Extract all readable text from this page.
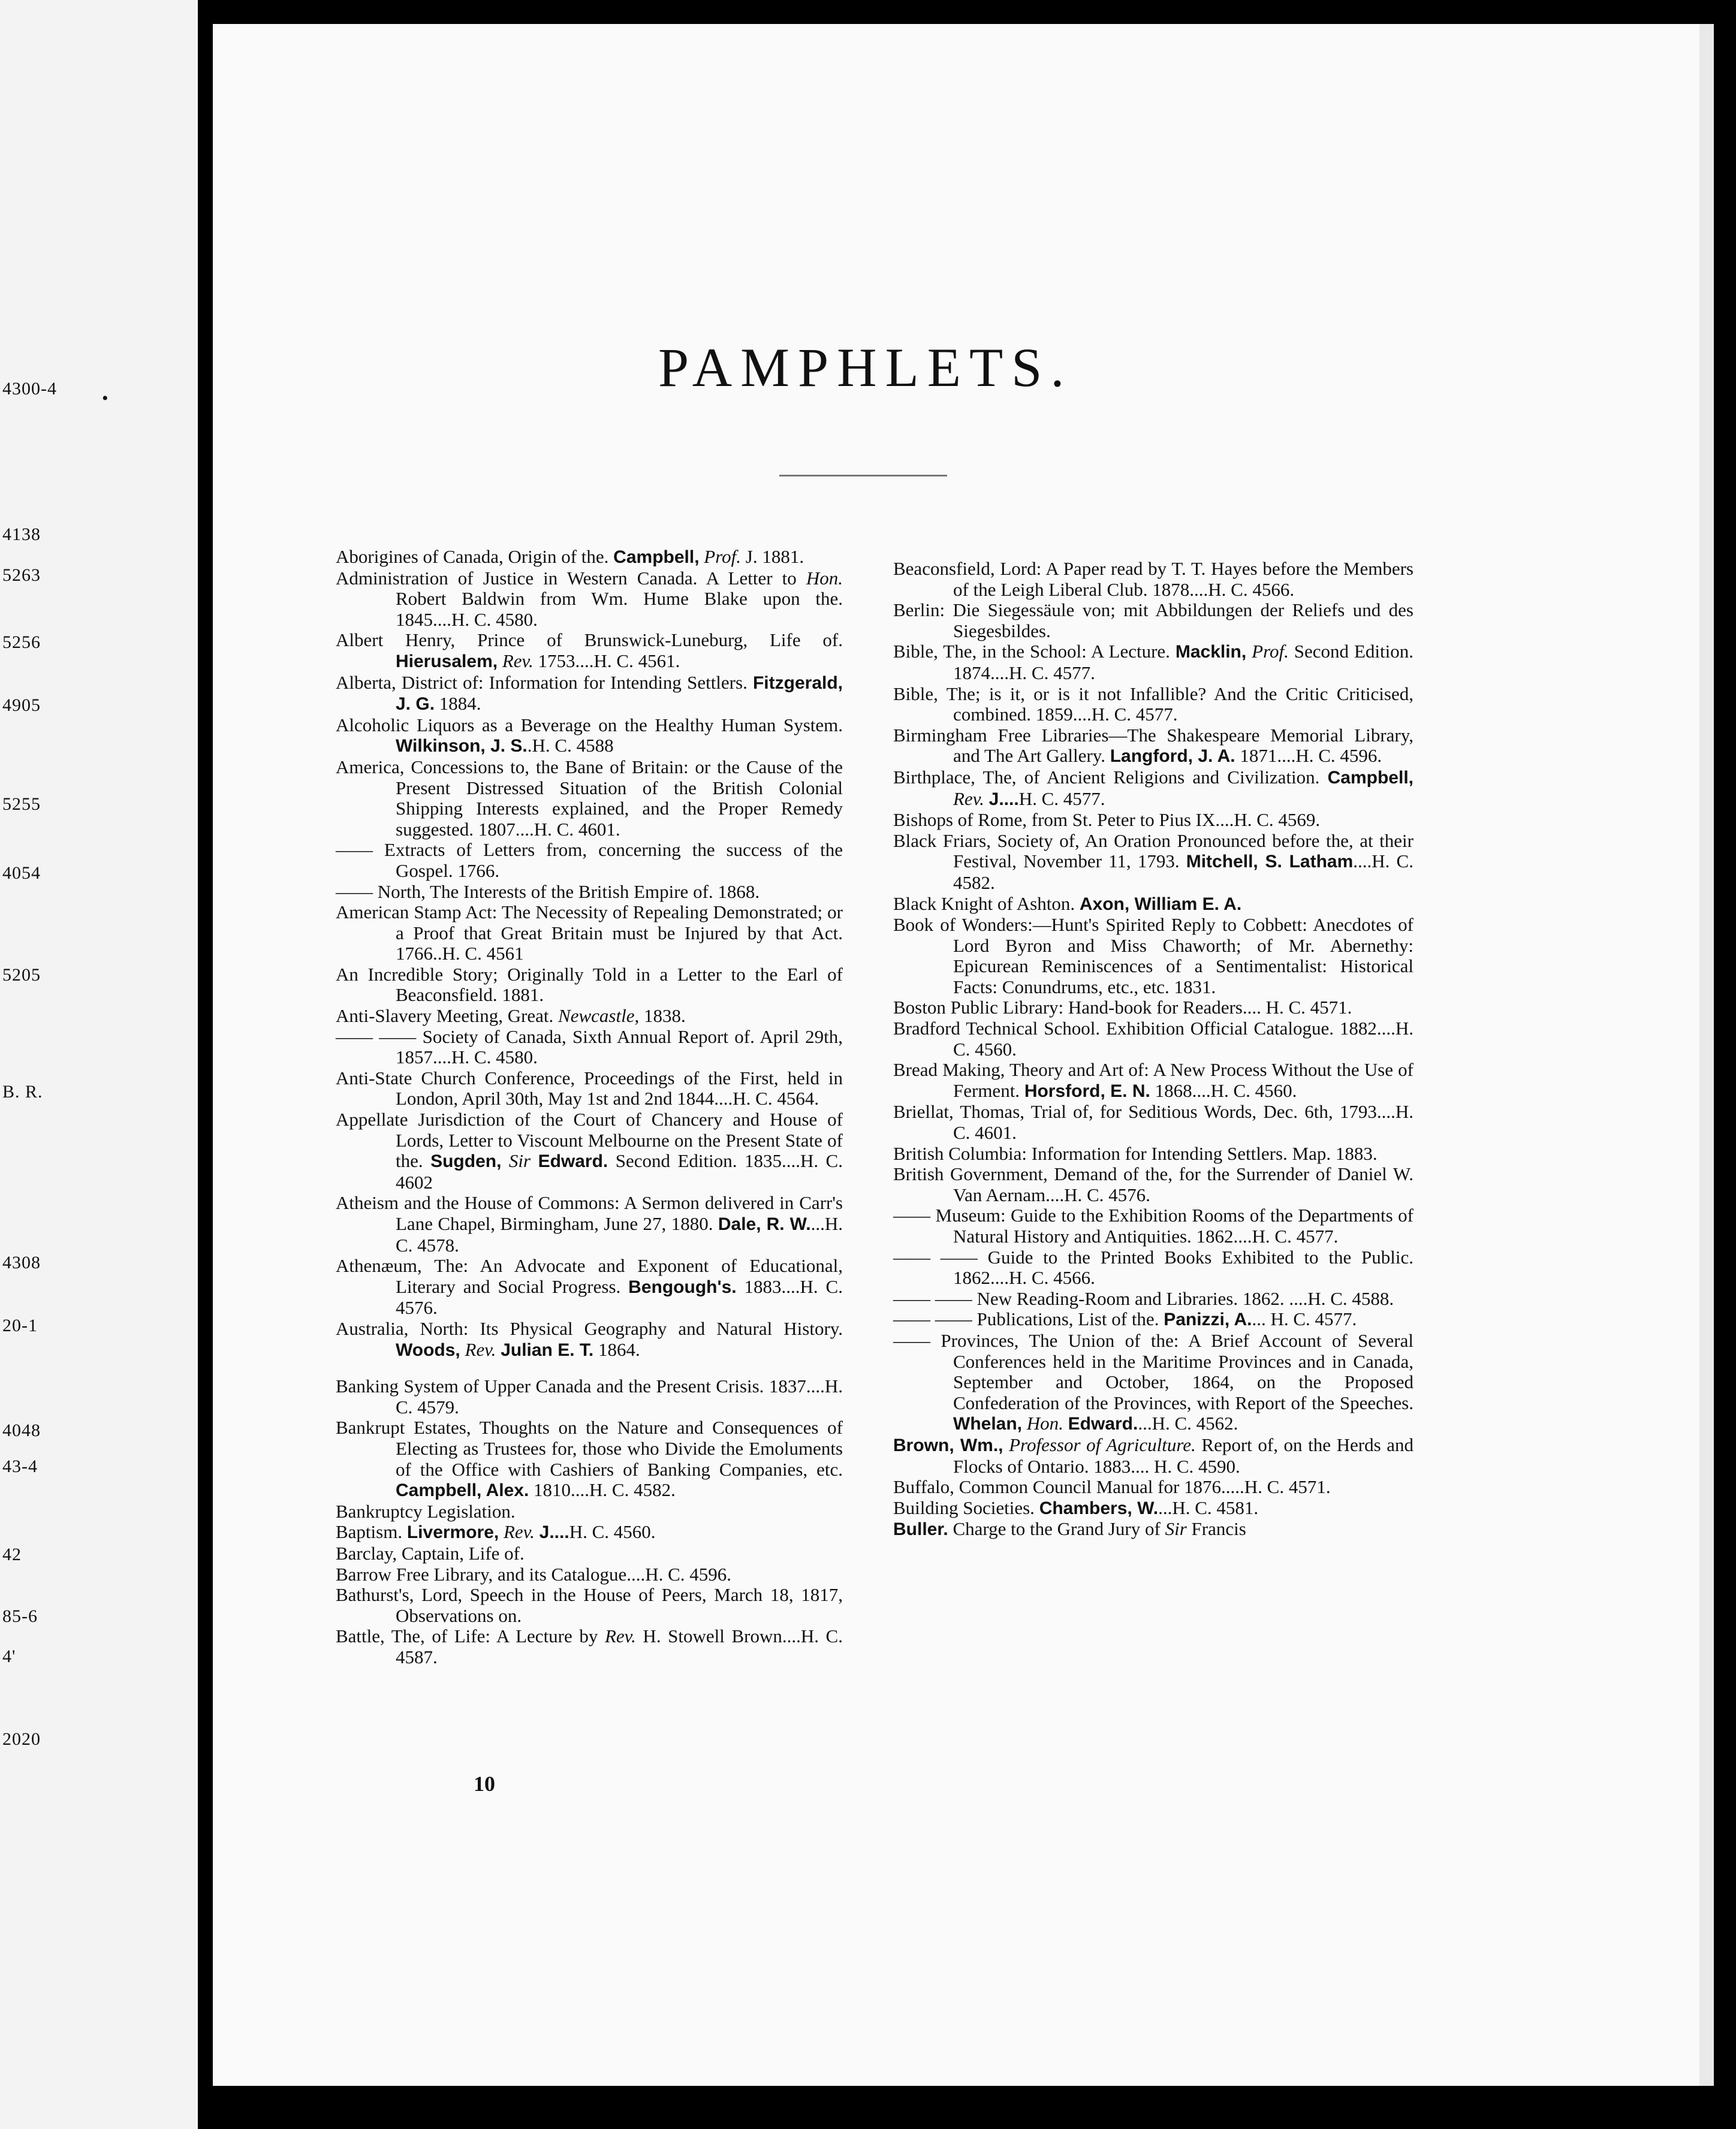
4300-4
4138
5263
5256
4905
5255
4054
5205
B. R.
4308
20-1
4048
43-4
42
85-6
4'
2020
•
PAMPHLETS.

Aborigines of Canada, Origin of the. Campbell, Prof. J. 1881.

Administration of Justice in Western Canada. A Letter to Hon. Robert Baldwin from Wm. Hume Blake upon the. 1845....H. C. 4580.

Albert Henry, Prince of Brunswick-Luneburg, Life of. Hierusalem, Rev. 1753....H. C. 4561.

Alberta, District of: Information for Intending Settlers. Fitzgerald, J. G. 1884.

Alcoholic Liquors as a Beverage on the Healthy Human System. Wilkinson, J. S..H. C. 4588

America, Concessions to, the Bane of Britain: or the Cause of the Present Distressed Situation of the British Colonial Shipping Interests explained, and the Proper Remedy suggested. 1807....H. C. 4601.

—— Extracts of Letters from, concerning the success of the Gospel. 1766.

—— North, The Interests of the British Empire of. 1868.

American Stamp Act: The Necessity of Repealing Demonstrated; or a Proof that Great Britain must be Injured by that Act. 1766..H. C. 4561

An Incredible Story; Originally Told in a Letter to the Earl of Beaconsfield. 1881.

Anti-Slavery Meeting, Great. Newcastle, 1838.

—— —— Society of Canada, Sixth Annual Report of. April 29th, 1857....H. C. 4580.

Anti-State Church Conference, Proceedings of the First, held in London, April 30th, May 1st and 2nd 1844....H. C. 4564.

Appellate Jurisdiction of the Court of Chancery and House of Lords, Letter to Viscount Melbourne on the Present State of the. Sugden, Sir Edward. Second Edition. 1835....H. C. 4602

Atheism and the House of Commons: A Sermon delivered in Carr's Lane Chapel, Birmingham, June 27, 1880. Dale, R. W....H. C. 4578.

Athenæum, The: An Advocate and Exponent of Educational, Literary and Social Progress. Bengough's. 1883....H. C. 4576.

Australia, North: Its Physical Geography and Natural History. Woods, Rev. Julian E. T. 1864.

Banking System of Upper Canada and the Present Crisis. 1837....H. C. 4579.

Bankrupt Estates, Thoughts on the Nature and Consequences of Electing as Trustees for, those who Divide the Emoluments of the Office with Cashiers of Banking Companies, etc. Campbell, Alex. 1810....H. C. 4582.

Bankruptcy Legislation.

Baptism. Livermore, Rev. J....H. C. 4560.

Barclay, Captain, Life of.

Barrow Free Library, and its Catalogue....H. C. 4596.

Bathurst's, Lord, Speech in the House of Peers, March 18, 1817, Observations on.

Battle, The, of Life: A Lecture by Rev. H. Stowell Brown....H. C. 4587.

Beaconsfield, Lord: A Paper read by T. T. Hayes before the Members of the Leigh Liberal Club. 1878....H. C. 4566.

Berlin: Die Siegessäule von; mit Abbildungen der Reliefs und des Siegesbildes.

Bible, The, in the School: A Lecture. Macklin, Prof. Second Edition. 1874....H. C. 4577.

Bible, The; is it, or is it not Infallible? And the Critic Criticised, combined. 1859....H. C. 4577.

Birmingham Free Libraries—The Shakespeare Memorial Library, and The Art Gallery. Langford, J. A. 1871....H. C. 4596.

Birthplace, The, of Ancient Religions and Civilization. Campbell, Rev. J....H. C. 4577.

Bishops of Rome, from St. Peter to Pius IX....H. C. 4569.

Black Friars, Society of, An Oration Pronounced before the, at their Festival, November 11, 1793. Mitchell, S. Latham....H. C. 4582.

Black Knight of Ashton. Axon, William E. A.

Book of Wonders:—Hunt's Spirited Reply to Cobbett: Anecdotes of Lord Byron and Miss Chaworth; of Mr. Abernethy: Epicurean Reminiscences of a Sentimentalist: Historical Facts: Conundrums, etc., etc. 1831.

Boston Public Library: Hand-book for Readers.... H. C. 4571.

Bradford Technical School. Exhibition Official Catalogue. 1882....H. C. 4560.

Bread Making, Theory and Art of: A New Process Without the Use of Ferment. Horsford, E. N. 1868....H. C. 4560.

Briellat, Thomas, Trial of, for Seditious Words, Dec. 6th, 1793....H. C. 4601.

British Columbia: Information for Intending Settlers. Map. 1883.

British Government, Demand of the, for the Surrender of Daniel W. Van Aernam....H. C. 4576.

—— Museum: Guide to the Exhibition Rooms of the Departments of Natural History and Antiquities. 1862....H. C. 4577.

—— —— Guide to the Printed Books Exhibited to the Public. 1862....H. C. 4566.

—— —— New Reading-Room and Libraries. 1862. ....H. C. 4588.

—— —— Publications, List of the. Panizzi, A.... H. C. 4577.

—— Provinces, The Union of the: A Brief Account of Several Conferences held in the Maritime Provinces and in Canada, September and October, 1864, on the Proposed Confederation of the Provinces, with Report of the Speeches. Whelan, Hon. Edward....H. C. 4562.

Brown, Wm., Professor of Agriculture. Report of, on the Herds and Flocks of Ontario. 1883.... H. C. 4590.

Buffalo, Common Council Manual for 1876.....H. C. 4571.

Building Societies. Chambers, W....H. C. 4581.

Buller. Charge to the Grand Jury of Sir Francis

10
